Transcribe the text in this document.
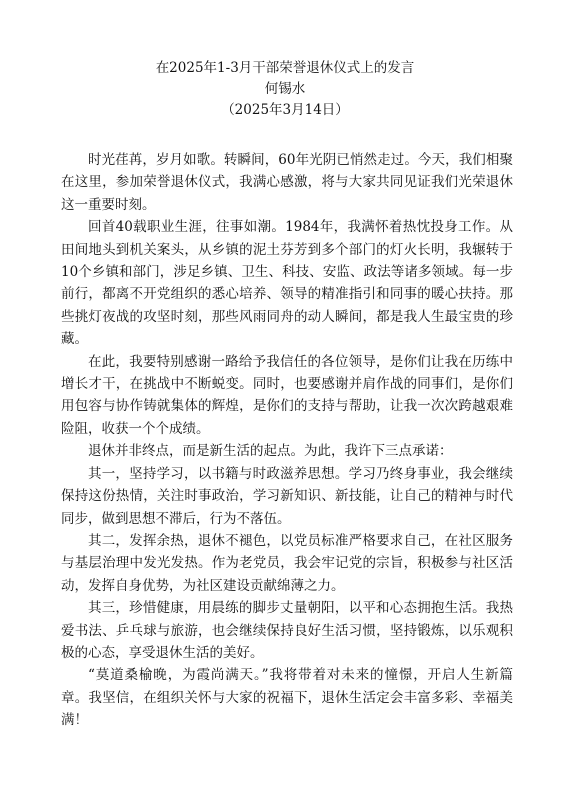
在2025年1-3月干部荣誉退休仪式上的发言
何锡水
（2025年3月14日）

时光荏苒，岁月如歌。转瞬间，60年光阴已悄然走过。今天，我们相聚在这里，参加荣誉退休仪式，我满心感激，将与大家共同见证我们光荣退休这一重要时刻。

回首40载职业生涯，往事如潮。1984年，我满怀着热忱投身工作。从田间地头到机关案头，从乡镇的泥土芬芳到多个部门的灯火长明，我辗转于10个乡镇和部门，涉足乡镇、卫生、科技、安监、政法等诸多领域。每一步前行，都离不开党组织的悉心培养、领导的精准指引和同事的暖心扶持。那些挑灯夜战的攻坚时刻，那些风雨同舟的动人瞬间，都是我人生最宝贵的珍藏。

在此，我要特别感谢一路给予我信任的各位领导，是你们让我在历练中增长才干，在挑战中不断蜕变。同时，也要感谢并肩作战的同事们，是你们用包容与协作铸就集体的辉煌，是你们的支持与帮助，让我一次次跨越艰难险阻，收获一个个成绩。

退休并非终点，而是新生活的起点。为此，我许下三点承诺：

其一，坚持学习，以书籍与时政滋养思想。学习乃终身事业，我会继续保持这份热情，关注时事政治，学习新知识、新技能，让自己的精神与时代同步，做到思想不滞后，行为不落伍。

其二，发挥余热，退休不褪色，以党员标准严格要求自己，在社区服务与基层治理中发光发热。作为老党员，我会牢记党的宗旨，积极参与社区活动，发挥自身优势，为社区建设贡献绵薄之力。

其三，珍惜健康，用晨练的脚步丈量朝阳，以平和心态拥抱生活。我热爱书法、乒乓球与旅游，也会继续保持良好生活习惯，坚持锻炼，以乐观积极的心态，享受退休生活的美好。

“莫道桑榆晚，为霞尚满天。”我将带着对未来的憧憬，开启人生新篇章。我坚信，在组织关怀与大家的祝福下，退休生活定会丰富多彩、幸福美满！
